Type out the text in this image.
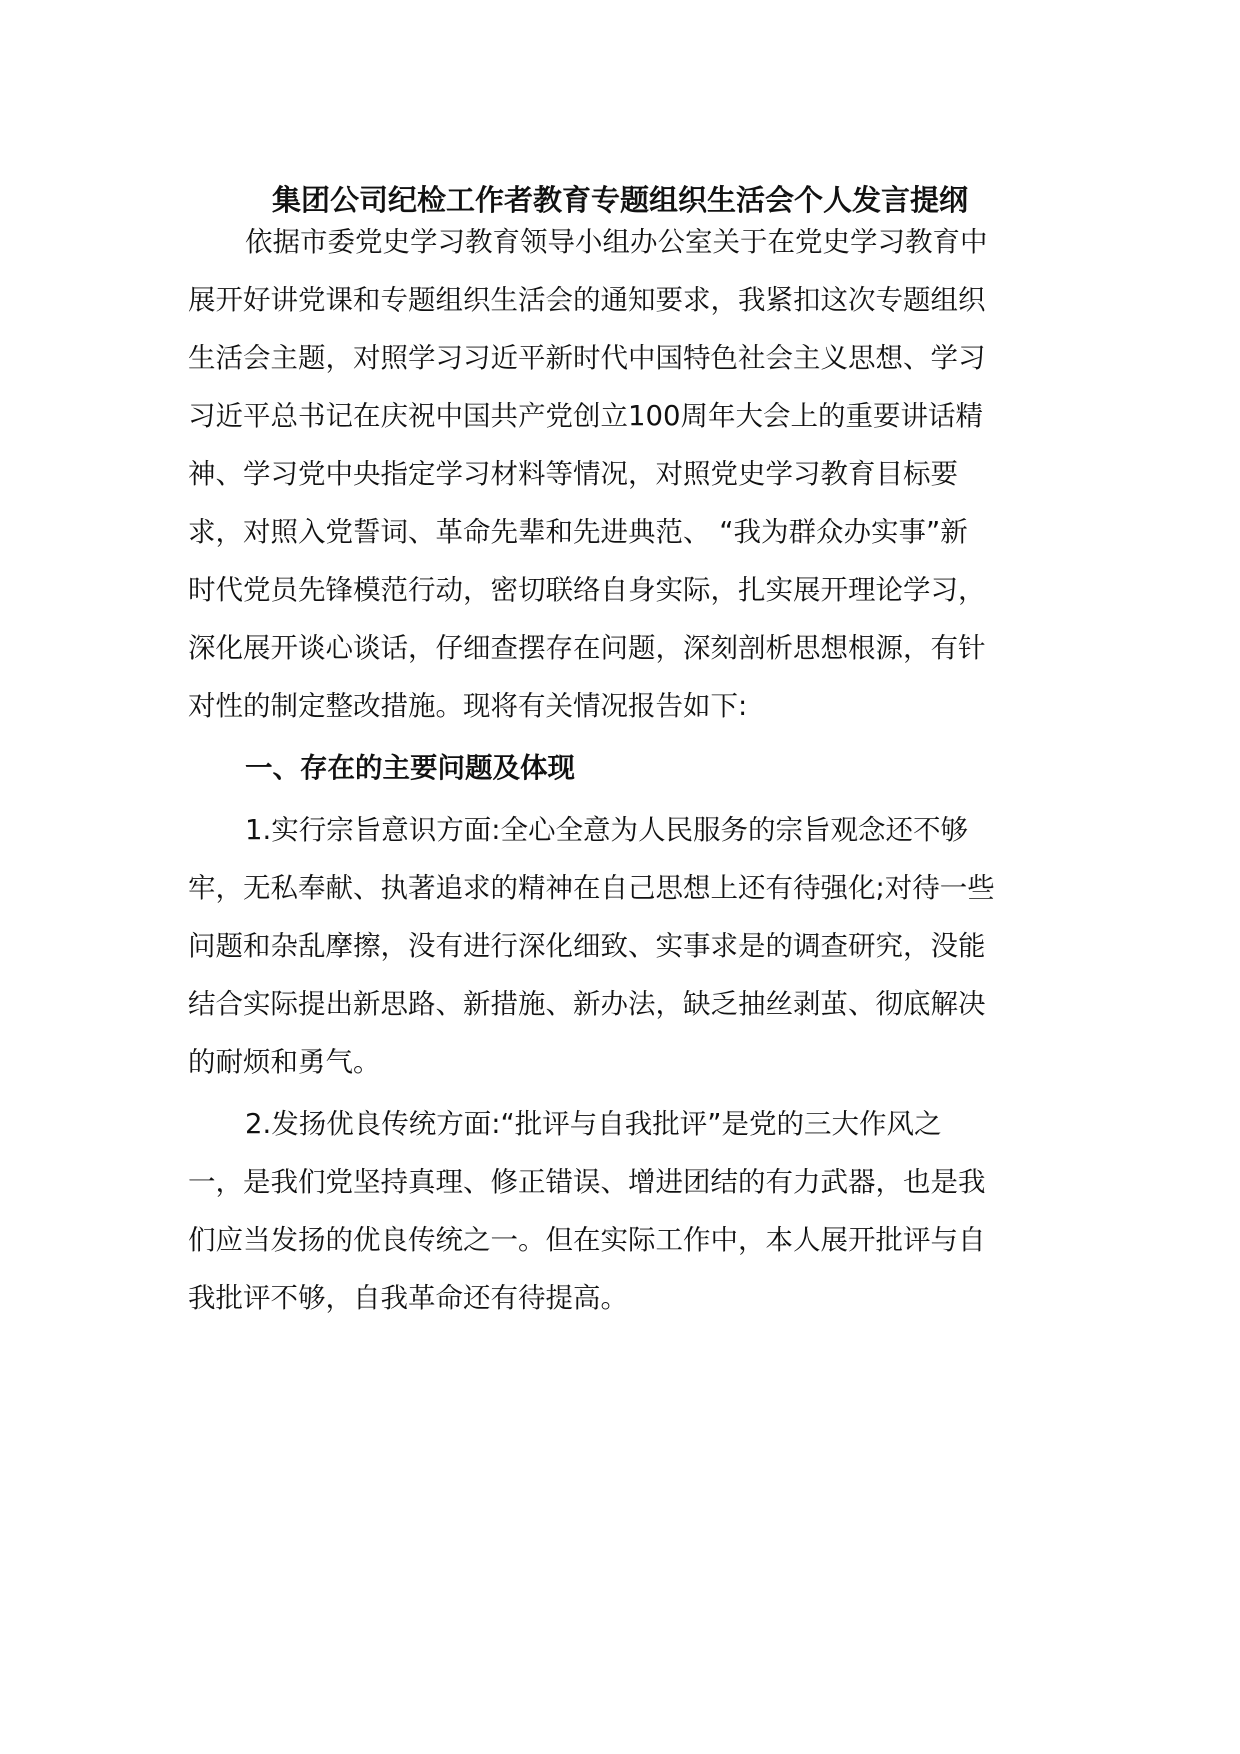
集团公司纪检工作者教育专题组织生活会个人发言提纲

依据市委党史学习教育领导小组办公室关于在党史学习教育中

展开好讲党课和专题组织生活会的通知要求，我紧扣这次专题组织

生活会主题，对照学习习近平新时代中国特色社会主义思想、学习

习近平总书记在庆祝中国共产党创立100周年大会上的重要讲话精

神、学习党中央指定学习材料等情况，对照党史学习教育目标要

求，对照入党誓词、革命先辈和先进典范、 “我为群众办实事”新

时代党员先锋模范行动，密切联络自身实际，扎实展开理论学习，

深化展开谈心谈话，仔细查摆存在问题，深刻剖析思想根源，有针

对性的制定整改措施。现将有关情况报告如下:

一、存在的主要问题及体现

1.实行宗旨意识方面:全心全意为人民服务的宗旨观念还不够

牢，无私奉献、执著追求的精神在自己思想上还有待强化;对待一些

问题和杂乱摩擦，没有进行深化细致、实事求是的调查研究，没能

结合实际提出新思路、新措施、新办法，缺乏抽丝剥茧、彻底解决

的耐烦和勇气。

2.发扬优良传统方面:“批评与自我批评”是党的三大作风之

一，是我们党坚持真理、修正错误、增进团结的有力武器，也是我

们应当发扬的优良传统之一。但在实际工作中，本人展开批评与自

我批评不够，自我革命还有待提高。
